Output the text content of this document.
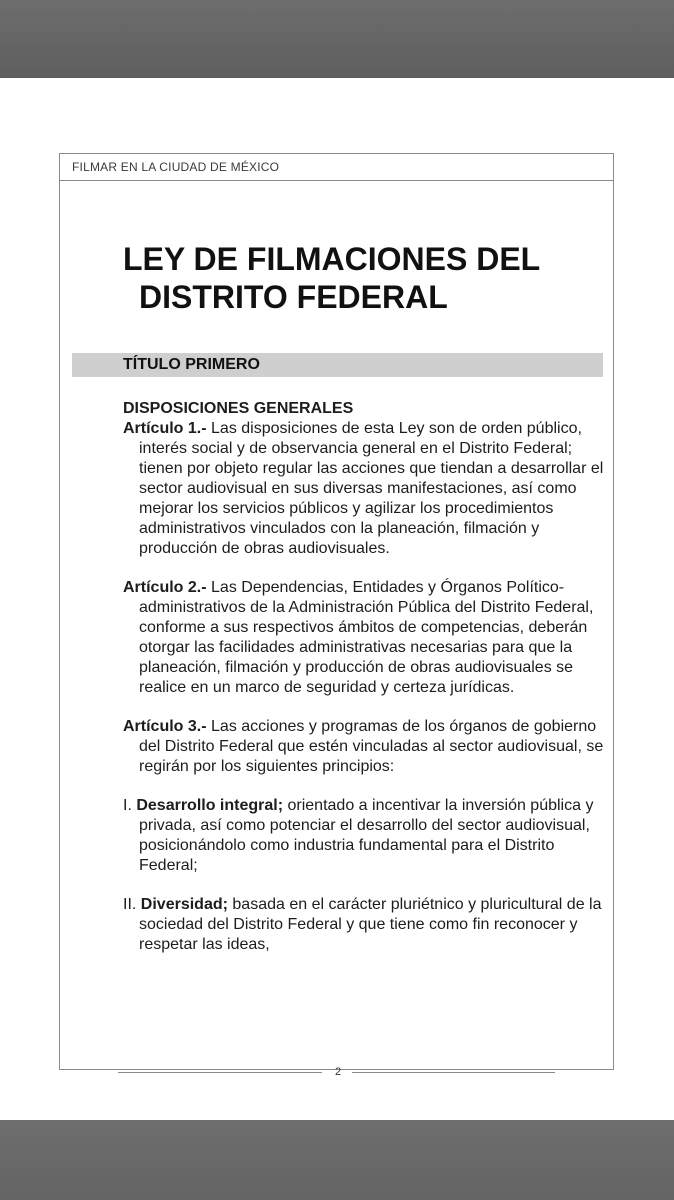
FILMAR EN LA CIUDAD DE MÉXICO
LEY DE FILMACIONES DEL
DISTRITO FEDERAL
TÍTULO PRIMERO

DISPOSICIONES GENERALES

Artículo 1.- Las disposiciones de esta Ley son de orden público, interés social y de observancia general en el Distrito Federal; tienen por objeto regular las acciones que tiendan a desarrollar el sector audiovisual en sus diversas manifestaciones, así como mejorar los servicios públicos y agilizar los procedimientos administrativos vinculados con la planeación, filmación y producción de obras audiovisuales.

Artículo 2.- Las Dependencias, Entidades y Órganos Político-administrativos de la Administración Pública del Distrito Federal, conforme a sus respectivos ámbitos de competencias, deberán otorgar las facilidades administrativas necesarias para que la planeación, filmación y producción de obras audiovisuales se realice en un marco de seguridad y certeza jurídicas.

Artículo 3.- Las acciones y programas de los órganos de gobierno del Distrito Federal que estén vinculadas al sector audiovisual, se regirán por los siguientes principios:

I. Desarrollo integral; orientado a incentivar la inversión pública y privada, así como potenciar el desarrollo del sector audiovisual, posicionándolo como industria fundamental para el Distrito Federal;

II. Diversidad; basada en el carácter pluriétnico y pluricultural de la sociedad del Distrito Federal y que tiene como fin reconocer y respetar las ideas,

2
